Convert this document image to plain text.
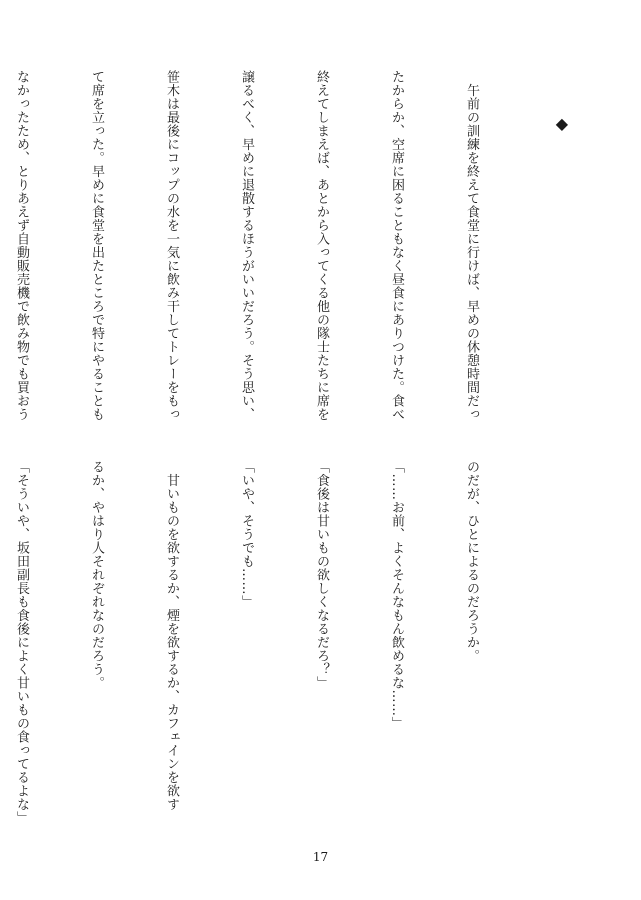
◆

　午前の訓練を終えて食堂に行けば、早めの休憩時間だっ

たからか、空席に困ることもなく昼食にありつけた。食べ

終えてしまえば、あとから入ってくる他の隊士たちに席を

譲るべく、早めに退散するほうがいいだろう。そう思い、

笹木は最後にコップの水を一気に飲み干してトレーをもっ

て席を立った。早めに食堂を出たところで特にやることも

なかったため、とりあえず自動販売機で飲み物でも買おう

のだが、ひとによるのだろうか。

「……お前、よくそんなもん飲めるな……」

「食後は甘いもの欲しくなるだろ？」

「いや、そうでも……」

　甘いものを欲するか、煙を欲するか、カフェインを欲す

るか、やはり人それぞれなのだろう。

「そういや、坂田副長も食後によく甘いもの食ってるよな」

17
